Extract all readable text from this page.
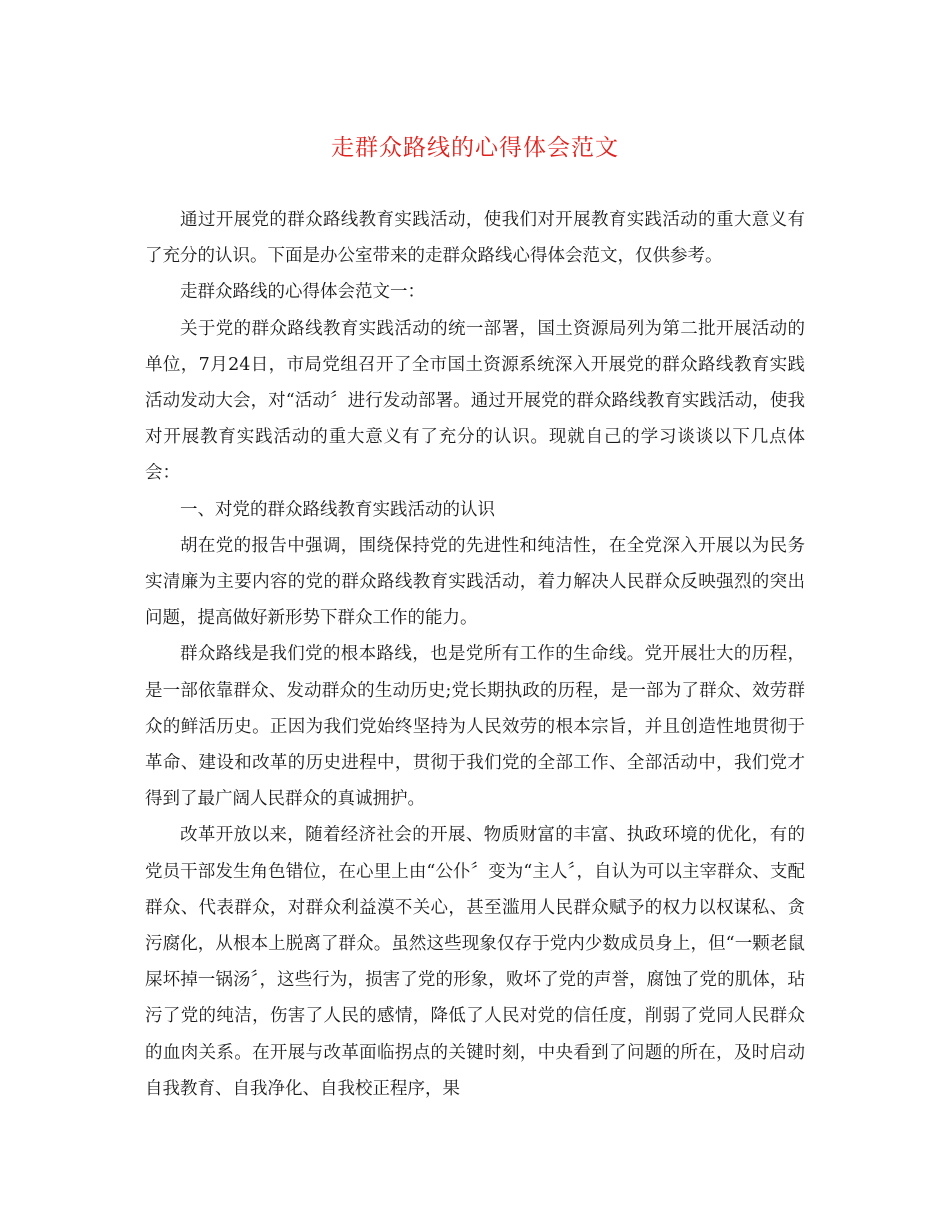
走群众路线的心得体会范文

通过开展党的群众路线教育实践活动，使我们对开展教育实践活动的重大意义有了充分的认识。下面是办公室带来的走群众路线心得体会范文，仅供参考。

走群众路线的心得体会范文一：

关于党的群众路线教育实践活动的统一部署，国土资源局列为第二批开展活动的单位，7月24日，市局党组召开了全市国土资源系统深入开展党的群众路线教育实践活动发动大会，对“活动〞进行发动部署。通过开展党的群众路线教育实践活动，使我对开展教育实践活动的重大意义有了充分的认识。现就自己的学习谈谈以下几点体会：

一、对党的群众路线教育实践活动的认识

胡在党的报告中强调，围绕保持党的先进性和纯洁性，在全党深入开展以为民务实清廉为主要内容的党的群众路线教育实践活动，着力解决人民群众反映强烈的突出问题，提高做好新形势下群众工作的能力。

群众路线是我们党的根本路线，也是党所有工作的生命线。党开展壮大的历程，是一部依靠群众、发动群众的生动历史;党长期执政的历程，是一部为了群众、效劳群众的鲜活历史。正因为我们党始终坚持为人民效劳的根本宗旨，并且创造性地贯彻于革命、建设和改革的历史进程中，贯彻于我们党的全部工作、全部活动中，我们党才得到了最广阔人民群众的真诚拥护。

改革开放以来，随着经济社会的开展、物质财富的丰富、执政环境的优化，有的党员干部发生角色错位，在心里上由“公仆〞变为“主人〞，自认为可以主宰群众、支配群众、代表群众，对群众利益漠不关心，甚至滥用人民群众赋予的权力以权谋私、贪污腐化，从根本上脱离了群众。虽然这些现象仅存于党内少数成员身上，但“一颗老鼠屎坏掉一锅汤〞，这些行为，损害了党的形象，败坏了党的声誉，腐蚀了党的肌体，玷污了党的纯洁，伤害了人民的感情，降低了人民对党的信任度，削弱了党同人民群众的血肉关系。在开展与改革面临拐点的关键时刻，中央看到了问题的所在，及时启动自我教育、自我净化、自我校正程序，果
